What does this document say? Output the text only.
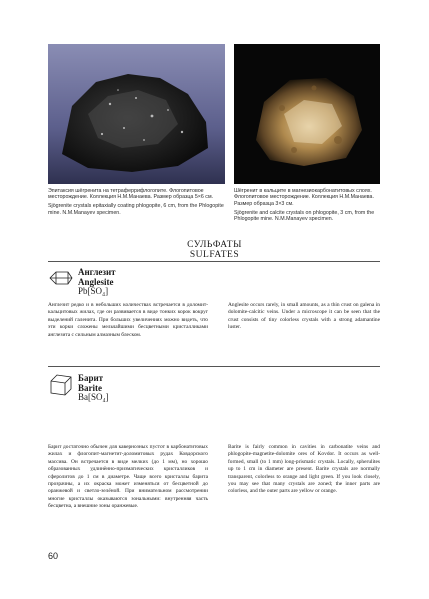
Эпитаксия шёгренита на тетраферрифлогопите. Флогопитовое месторождение. Коллекция Н.М.Манаева. Размер образца 5×6 см.

Sjögrenite crystals epitaxially coating phlogopite, 6 cm, from the Phlogopite mine. N.M.Manayev specimen.

Шёгренит в кальците в магнезиокарбонатитовых слоях. Флогопитовое месторождение. Коллекция Н.М.Манаева. Размер образца 3×3 см.

Sjögrenite and calcite crystals on phlogopite, 3 cm, from the Phlogopite mine. N.M.Manayev specimen.

СУЛЬФАТЫ
SULFATES
Англезит
Anglesite
Pb[SO₄]
Англезит редко и в небольших количествах встречается в доломит-кальцитовых жилах, где он развивается в виде тонких корок вокруг выделений галенита. При больших увеличениях можно видеть, что эти корки сложены мельчайшими бесцветными кристалликами англезита с сильным алмазным блеском.
Anglesite occurs rarely, in small amounts, as a thin crust on galena in dolomite-calcitic veins. Under a microscope it can be seen that the crust consists of tiny colorless crystals with a strong adamantine luster.
Барит
Barite
Ba[SO₄]
Барит достаточно обычен для кавернозных пустот в карбонатитовых жилах и флогопит-магнетит-доломитовых рудах Ковдорского массива. Он встречается в виде мелких (до 1 мм), но хорошо образованных удлинённо-призматических кристалликов и сферолитов до 1 см в диаметре. Чаще всего кристаллы барита прозрачны, а их окраска может изменяться от бесцветной до оранжевой и светло-зелёной. При внимательном рассмотрении многие кристаллы оказываются зональными: внутренняя часть бесцветна, а внешние зоны оранжевые.
Barite is fairly common in cavities in carbonatite veins and phlogopite-magnetite-dolomite ores of Kovdor. It occurs as well-formed, small (to 1 mm) long-prismatic crystals. Locally, spherulites up to 1 cm in diameter are present. Barite crystals are normally transparent, colorless to orange and light green. If you look closely, you may see that many crystals are zoned; the inner parts are colorless, and the outer parts are yellow or orange.
60
